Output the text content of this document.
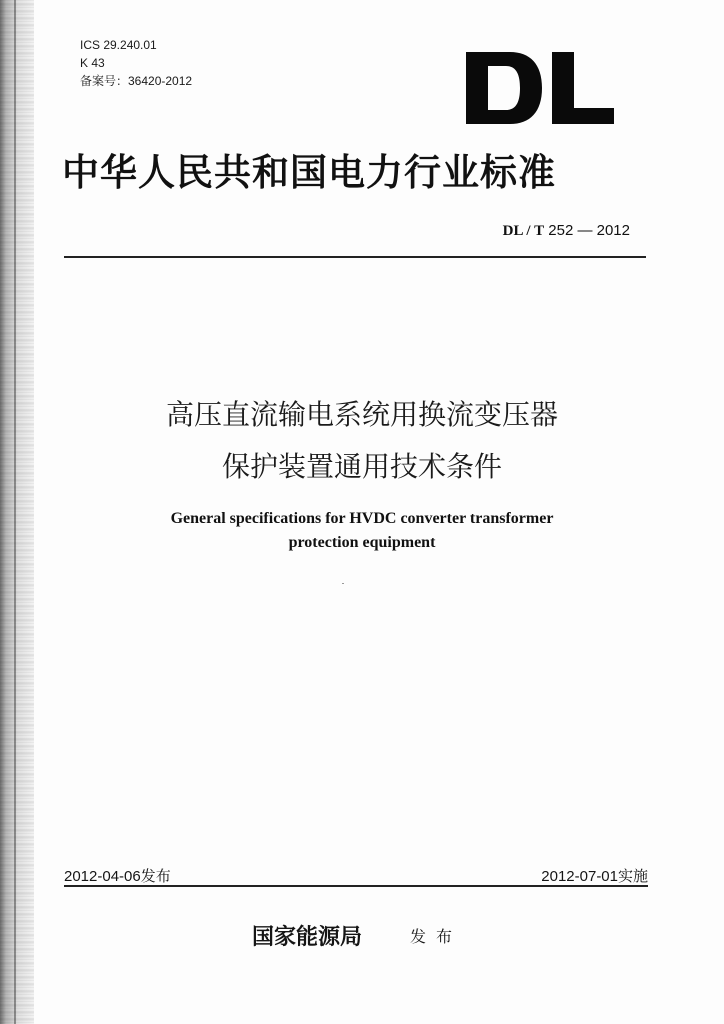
ICS 29.240.01
K 43
备案号：36420-2012
中华人民共和国电力行业标准
DL / T 252 — 2012
高压直流输电系统用换流变压器
保护装置通用技术条件
General specifications for HVDC converter transformer
protection equipment
2012-04-06发布	2012-07-01实施
国家能源局	发布
